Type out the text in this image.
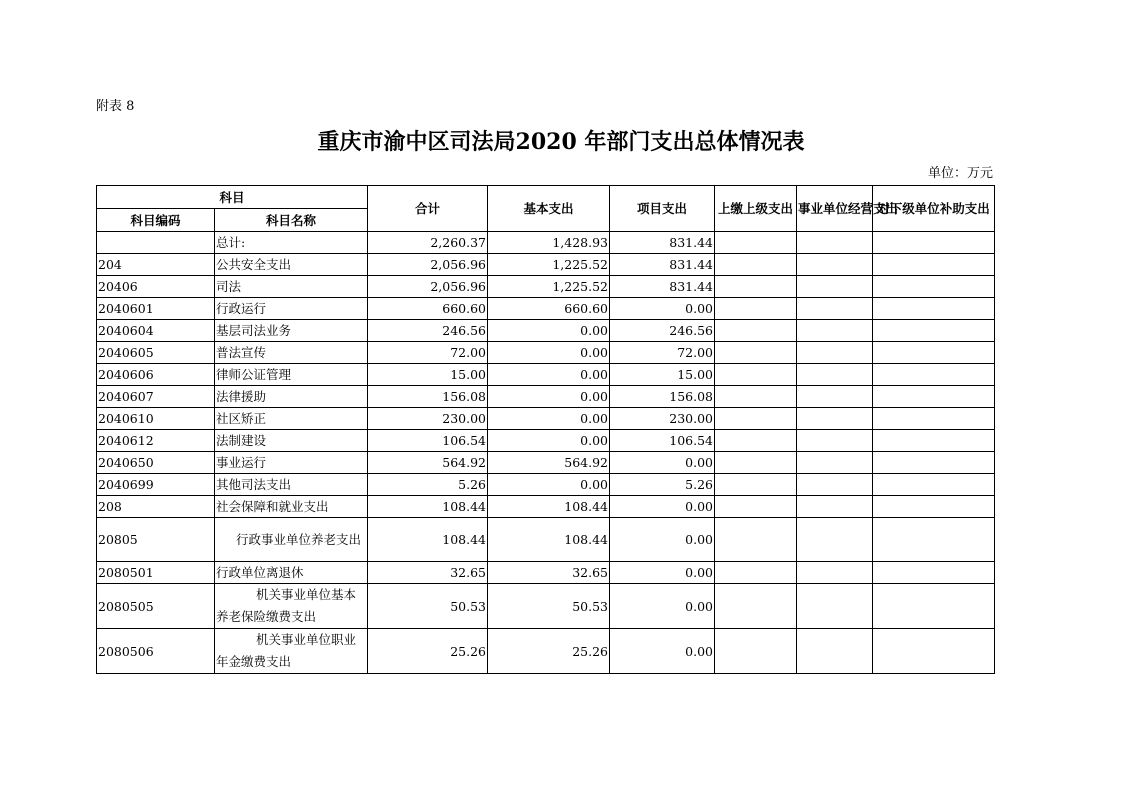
附表 8
重庆市渝中区司法局2020 年部门支出总体情况表
单位：万元
科目		合计	基本支出	项目支出	上缴上级支出	事业单位经营支出	对下级单位补助支出
科目编码	科目名称						
	总计:	2,260.37	1,428.93	831.44			
204	公共安全支出	2,056.96	1,225.52	831.44			
20406	司法	2,056.96	1,225.52	831.44			
2040601	行政运行	660.60	660.60	0.00			
2040604	基层司法业务	246.56	0.00	246.56			
2040605	普法宣传	72.00	0.00	72.00			
2040606	律师公证管理	15.00	0.00	15.00			
2040607	法律援助	156.08	0.00	156.08			
2040610	社区矫正	230.00	0.00	230.00			
2040612	法制建设	106.54	0.00	106.54			
2040650	事业运行	564.92	564.92	0.00			
2040699	其他司法支出	5.26	0.00	5.26			
208	社会保障和就业支出	108.44	108.44	0.00			
20805	行政事业单位养老支出	108.44	108.44	0.00			
2080501	行政单位离退休	32.65	32.65	0.00			
2080505	机关事业单位基本养老保险缴费支出	50.53	50.53	0.00			
2080506	机关事业单位职业年金缴费支出	25.26	25.26	0.00			
